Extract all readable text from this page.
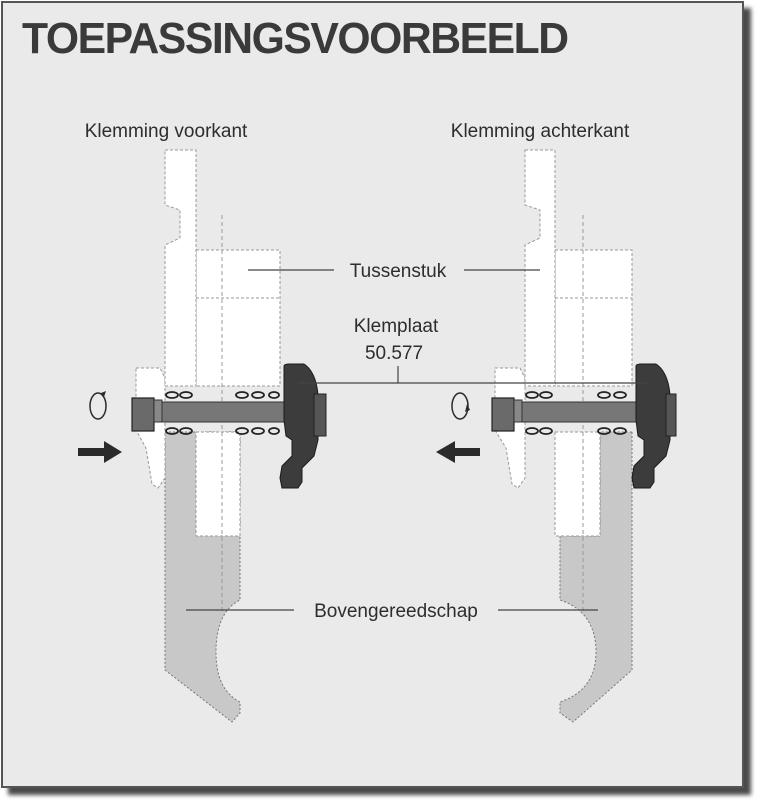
TOEPASSINGSVOORBEELD
Klemming voorkant	Klemming achterkant
Tussenstuk
Klemplaat
50.577
Bovengereedschap
